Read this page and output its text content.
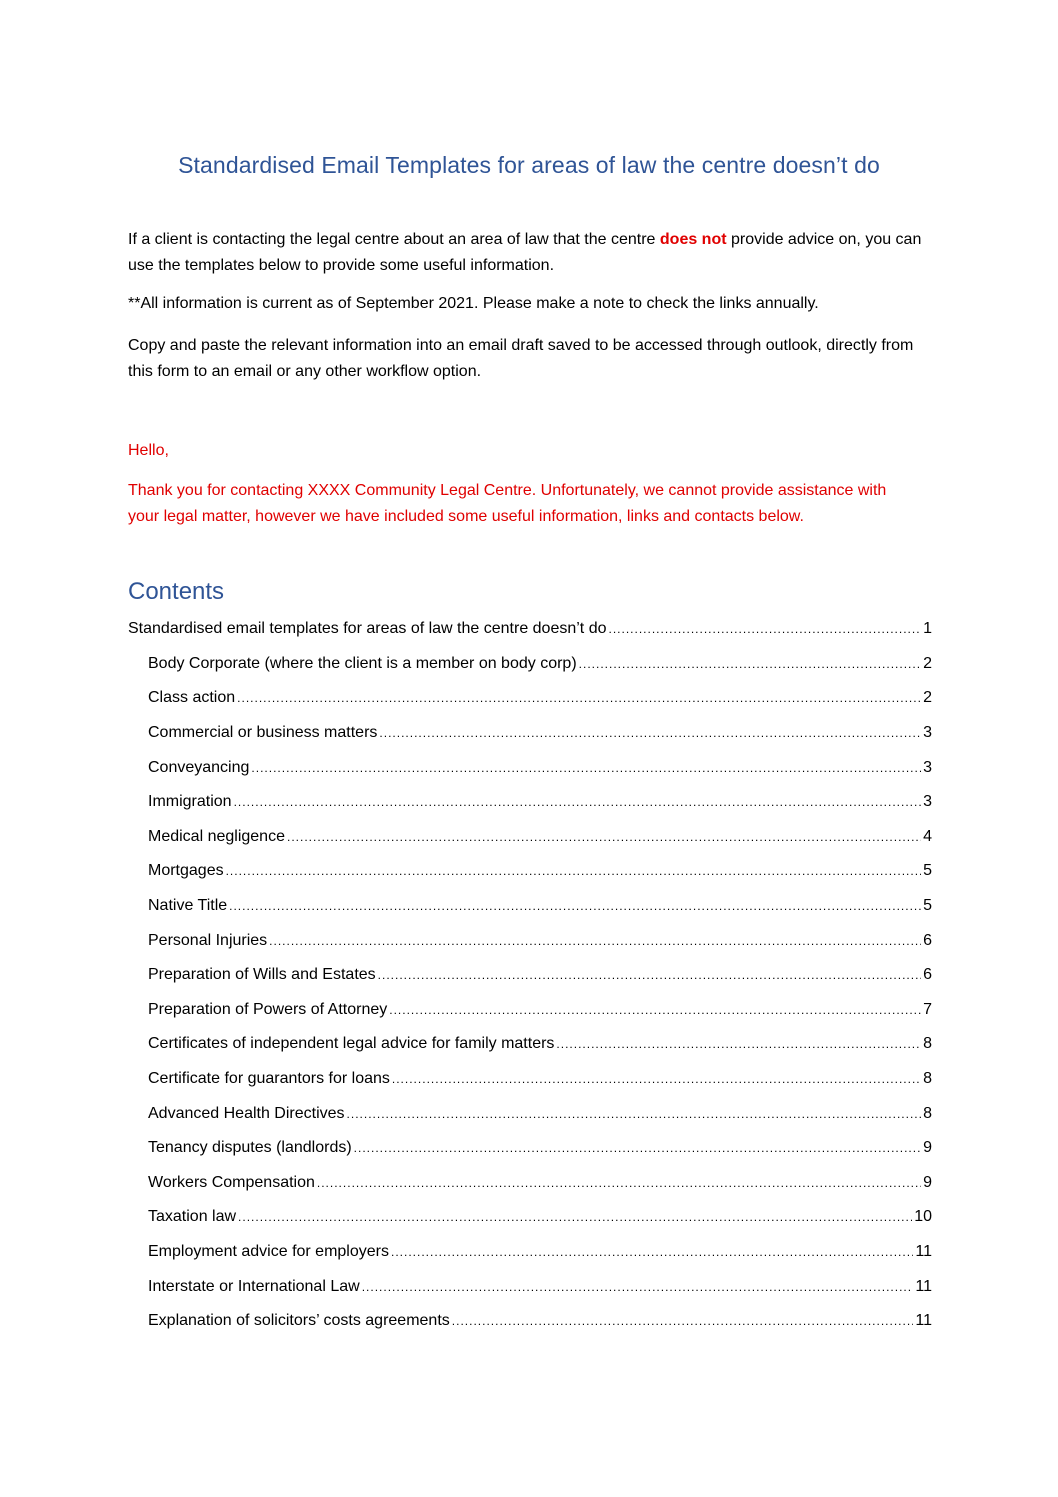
Standardised Email Templates for areas of law the centre doesn’t do

If a client is contacting the legal centre about an area of law that the centre does not provide advice on, you can use the templates below to provide some useful information.

**All information is current as of September 2021. Please make a note to check the links annually.

Copy and paste the relevant information into an email draft saved to be accessed through outlook, directly from this form to an email or any other workflow option.

Hello,

Thank you for contacting XXXX Community Legal Centre. Unfortunately, we cannot provide assistance with your legal matter, however we have included some useful information, links and contacts below.

Contents
Standardised email templates for areas of law the centre doesn’t do .....	1
Body Corporate (where the client is a member on body corp) .....	2
Class action .....	2
Commercial or business matters .....	3
Conveyancing .....	3
Immigration .....	3
Medical negligence .....	4
Mortgages .....	5
Native Title .....	5
Personal Injuries .....	6
Preparation of Wills and Estates .....	6
Preparation of Powers of Attorney .....	7
Certificates of independent legal advice for family matters .....	8
Certificate for guarantors for loans .....	8
Advanced Health Directives .....	8
Tenancy disputes (landlords) .....	9
Workers Compensation .....	9
Taxation law .....	10
Employment advice for employers .....	11
Interstate or International Law .....	11
Explanation of solicitors’ costs agreements .....	11
